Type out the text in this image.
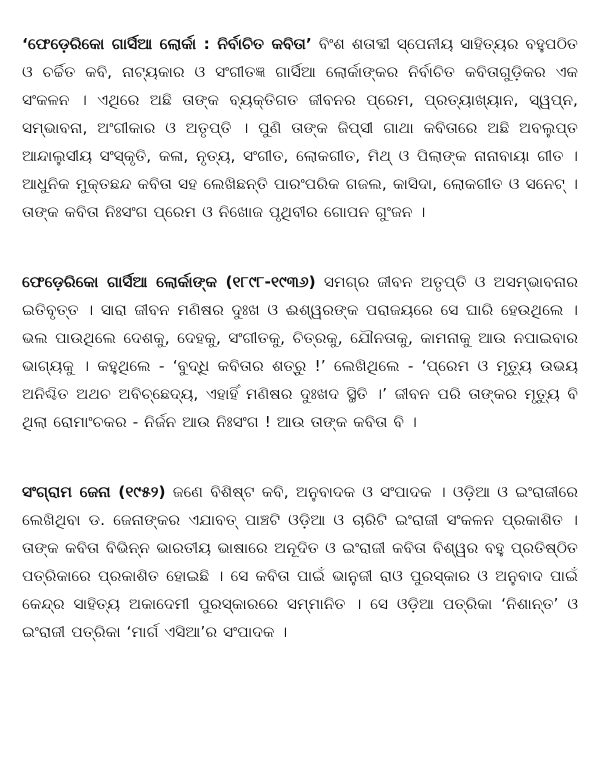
‘ଫେଡ଼େରିକୋ ଗାର୍ସିଆ ଲୋର୍କା : ନିର୍ବାଚିତ କବିତା’ ବିଂଶ ଶତାବ୍ଦୀ ସ୍ପେନୀୟ ସାହିତ୍ୟର ବହୁପଠିତ ଓ ଚର୍ଚ୍ଚିତ କବି, ନାଟ୍ୟକାର ଓ ସଂଗୀତଜ୍ଞ ଗାର୍ସିଆ ଲୋର୍କାଙ୍କର ନିର୍ବାଚିତ କବିତାଗୁଡ଼ିକର ଏକ ସଂକଳନ । ଏଥିରେ ଅଛି ତାଙ୍କ ବ୍ୟକ୍ତିଗତ ଜୀବନର ପ୍ରେମ, ପ୍ରତ୍ୟାଖ୍ୟାନ, ସ୍ୱପ୍ନ, ସମ୍ଭାବନା, ଅଂଗୀକାର ଓ ଅତୃପ୍ତି । ପୁଣି ତାଙ୍କ ଜିପ୍ସୀ ଗାଥା କବିତାରେ ଅଛି ଅବଲୁପ୍ତ ଆନ୍ଦାଲୁସୀୟ ସଂସ୍କୃତି, କଳା, ନୃତ୍ୟ, ସଂଗୀତ, ଲୋକଗୀତ, ମିଥ୍ ଓ ପିଲାଙ୍କ ନାନାବାୟା ଗୀତ । ଆଧୁନିକ ମୁକ୍ତଛନ୍ଦ କବିତା ସହ ଲେଖିଛନ୍ତି ପାରଂପରିକ ଗଜଲ, କାସିଦା, ଲୋକଗୀତ ଓ ସନେଟ୍ । ତାଙ୍କ କବିତା ନିଃସଂଗ ପ୍ରେମ ଓ ନିଖୋଜ ପୃଥିବୀର ଗୋପନ ଗୁଂଜନ ।

ଫେଡ଼େରିକୋ ଗାର୍ସିଆ ଲୋର୍କାଙ୍କ (୧୮୯୮-୧୯୩୬) ସମଗ୍ର ଜୀବନ ଅତୃପ୍ତି ଓ ଅସମ୍ଭାବନାର ଇତିବୃତ୍ତ । ସାରା ଜୀବନ ମଣିଷର ଦୁଃଖ ଓ ଈଶ୍ୱରଙ୍କ ପରାଜୟରେ ସେ ଘାରି ହେଉଥିଲେ । ଭଲ ପାଉଥିଲେ ଦେଶକୁ, ଦେହକୁ, ସଂଗୀତକୁ, ଚିତ୍ରକୁ, ଯୌନତାକୁ, କାମନାକୁ ଆଉ ନପାଇବାର ଭାଗ୍ୟକୁ । କହୁଥିଲେ - ‘ବୁଦ୍ଧି କବିତାର ଶତ୍ରୁ !’ ଲେଖିଥିଲେ - ‘ପ୍ରେମ ଓ ମୃତ୍ୟୁ ଉଭୟ ଅନିଶ୍ଚିତ ଅଥଚ ଅବିଚ୍ଛେଦ୍ୟ, ଏହାହିଁ ମଣିଷର ଦୁଃଖଦ ସ୍ଥିତି ।’ ଜୀବନ ପରି ତାଙ୍କର ମୃତ୍ୟୁ ବି ଥିଲା ରୋମାଂଚକର - ନିର୍ଜନ ଆଉ ନିଃସଂଗ ! ଆଉ ତାଙ୍କ କବିତା ବି ।

ସଂଗ୍ରାମ ଜେନା (୧୯୫୨) ଜଣେ ବିଶିଷ୍ଟ କବି, ଅନୁବାଦକ ଓ ସଂପାଦକ । ଓଡ଼ିଆ ଓ ଇଂରାଜୀରେ ଲେଖିଥିବା ଡ. ଜେନାଙ୍କର ଏଯାବତ୍ ପାଞ୍ଚଟି ଓଡ଼ିଆ ଓ ଚାରିଟି ଇଂରାଜୀ ସଂକଳନ ପ୍ରକାଶିତ । ତାଙ୍କ କବିତା ବିଭିନ୍ନ ଭାରତୀୟ ଭାଷାରେ ଅନୂଦିତ ଓ ଇଂରାଜୀ କବିତା ବିଶ୍ୱର ବହୁ ପ୍ରତିଷ୍ଠିତ ପତ୍ରିକାରେ ପ୍ରକାଶିତ ହୋଇଛି । ସେ କବିତା ପାଇଁ ଭାନୁଜୀ ରାଓ ପୁରସ୍କାର ଓ ଅନୁବାଦ ପାଇଁ କେନ୍ଦ୍ର ସାହିତ୍ୟ ଅକାଦେମୀ ପୁରସ୍କାରରେ ସମ୍ମାନିତ । ସେ ଓଡ଼ିଆ ପତ୍ରିକା ‘ନିଶାନ୍ତ’ ଓ ଇଂରାଜୀ ପତ୍ରିକା ‘ମାର୍ଗ ଏସିଆ’ର ସଂପାଦକ ।
